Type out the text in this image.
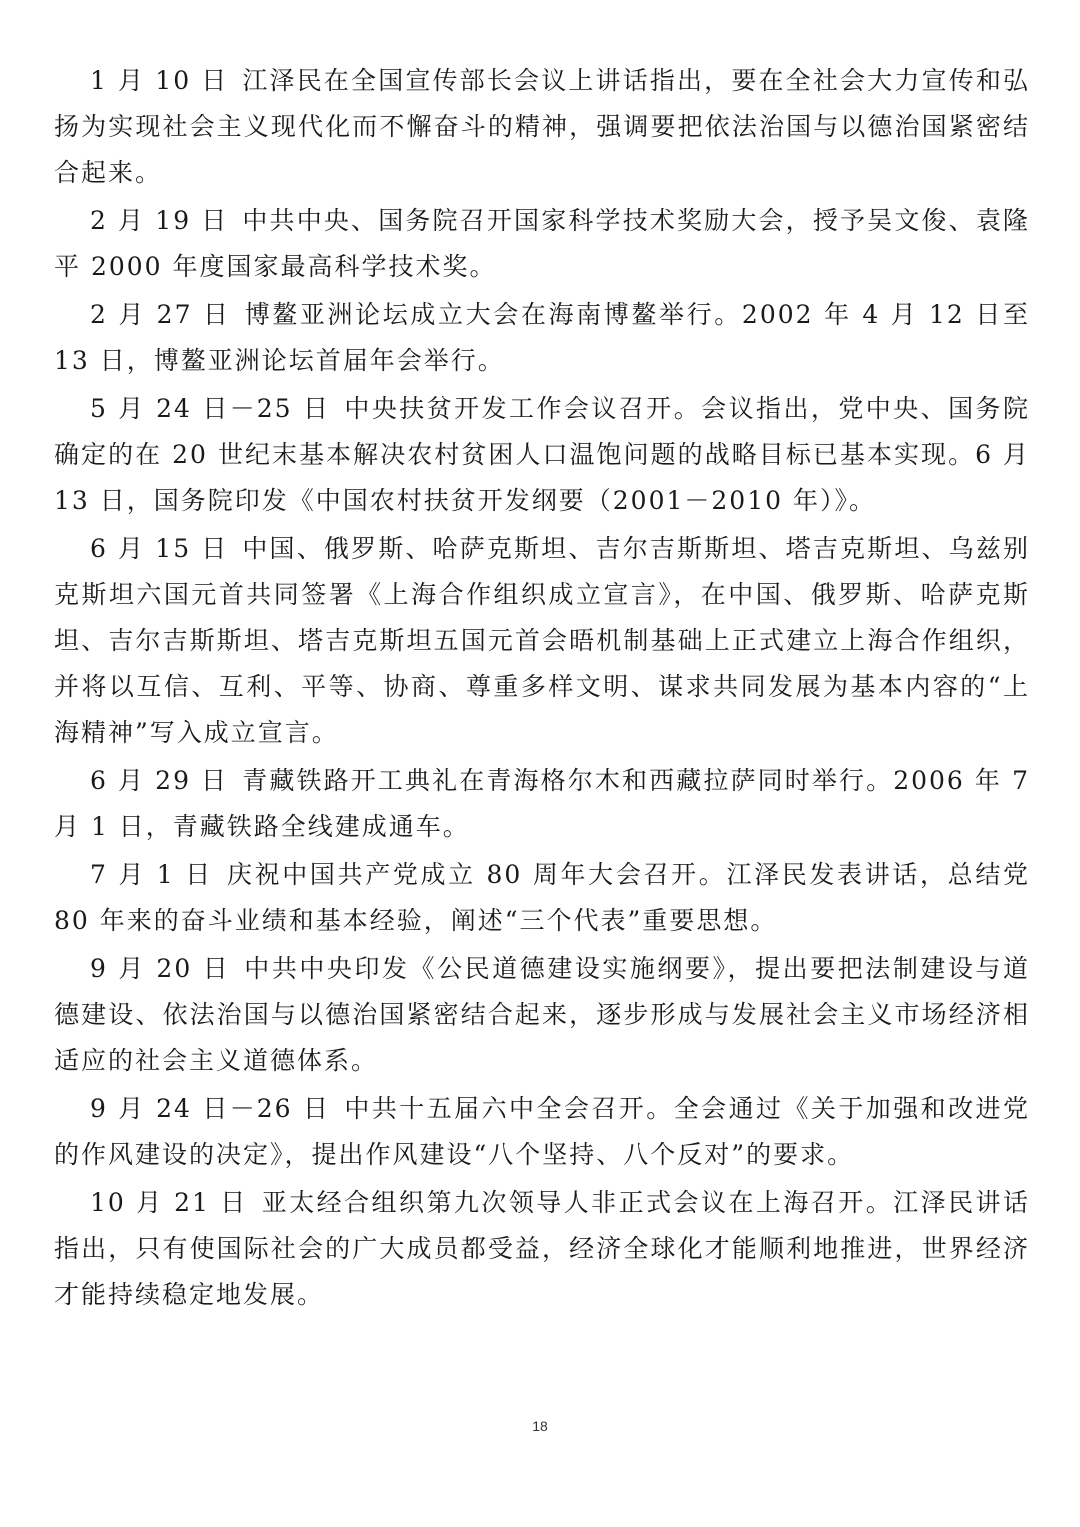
1 月 10 日 江泽民在全国宣传部长会议上讲话指出，要在全社会大力宣传和弘扬为实现社会主义现代化而不懈奋斗的精神，强调要把依法治国与以德治国紧密结合起来。

2 月 19 日 中共中央、国务院召开国家科学技术奖励大会，授予吴文俊、袁隆平 2000 年度国家最高科学技术奖。

2 月 27 日 博鳌亚洲论坛成立大会在海南博鳌举行。2002 年 4 月 12 日至 13 日，博鳌亚洲论坛首届年会举行。

5 月 24 日－25 日 中央扶贫开发工作会议召开。会议指出，党中央、国务院确定的在 20 世纪末基本解决农村贫困人口温饱问题的战略目标已基本实现。6 月 13 日，国务院印发《中国农村扶贫开发纲要（2001－2010 年）》。

6 月 15 日 中国、俄罗斯、哈萨克斯坦、吉尔吉斯斯坦、塔吉克斯坦、乌兹别克斯坦六国元首共同签署《上海合作组织成立宣言》，在中国、俄罗斯、哈萨克斯坦、吉尔吉斯斯坦、塔吉克斯坦五国元首会晤机制基础上正式建立上海合作组织，并将以互信、互利、平等、协商、尊重多样文明、谋求共同发展为基本内容的“上海精神”写入成立宣言。

6 月 29 日 青藏铁路开工典礼在青海格尔木和西藏拉萨同时举行。2006 年 7 月 1 日，青藏铁路全线建成通车。

7 月 1 日 庆祝中国共产党成立 80 周年大会召开。江泽民发表讲话，总结党 80 年来的奋斗业绩和基本经验，阐述“三个代表”重要思想。

9 月 20 日 中共中央印发《公民道德建设实施纲要》，提出要把法制建设与道德建设、依法治国与以德治国紧密结合起来，逐步形成与发展社会主义市场经济相适应的社会主义道德体系。

9 月 24 日－26 日 中共十五届六中全会召开。全会通过《关于加强和改进党的作风建设的决定》，提出作风建设“八个坚持、八个反对”的要求。

10 月 21 日 亚太经合组织第九次领导人非正式会议在上海召开。江泽民讲话指出，只有使国际社会的广大成员都受益，经济全球化才能顺利地推进，世界经济才能持续稳定地发展。

18
